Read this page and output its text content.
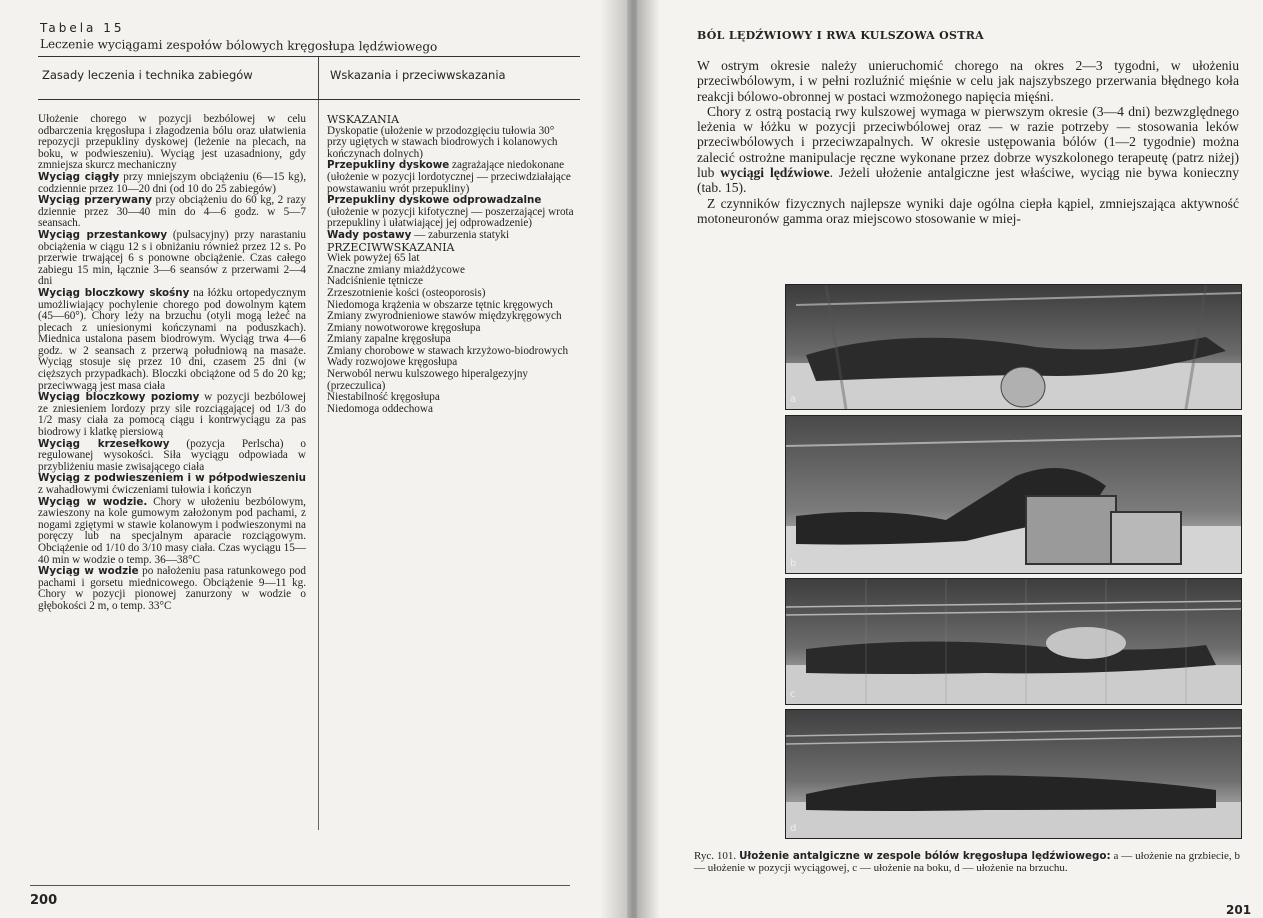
Tabela 15
Leczenie wyciągami zespołów bólowych kręgosłupa lędźwiowego
Zasady leczenia i technika zabiegów	Wskazania i przeciwwskazania

Ułożenie chorego w pozycji bezbólowej w celu odbarczenia kręgosłupa i złagodzenia bólu oraz ułatwienia repozycji przepukliny dyskowej (leżenie na plecach, na boku, w podwieszeniu). Wyciąg jest uzasadniony, gdy zmniejsza skurcz mechaniczny

Wyciąg ciągły przy mniejszym obciążeniu (6—15 kg), codziennie przez 10—20 dni (od 10 do 25 zabiegów)

Wyciąg przerywany przy obciążeniu do 60 kg, 2 razy dziennie przez 30—40 min do 4—6 godz. w 5—7 seansach.

Wyciąg przestankowy (pulsacyjny) przy narastaniu obciążenia w ciągu 12 s i obniżaniu również przez 12 s. Po przerwie trwającej 6 s ponowne obciążenie. Czas całego zabiegu 15 min, łącznie 3—6 seansów z przerwami 2—4 dni

Wyciąg bloczkowy skośny na łóżku ortopedycznym umożliwiający pochylenie chorego pod dowolnym kątem (45—60°). Chory leży na brzuchu (otyli mogą leżeć na plecach z uniesionymi kończynami na poduszkach). Miednica ustalona pasem biodrowym. Wyciąg trwa 4—6 godz. w 2 seansach z przerwą południową na masaże. Wyciąg stosuje się przez 10 dni, czasem 25 dni (w cięższych przypadkach). Bloczki obciążone od 5 do 20 kg; przeciwwagą jest masa ciała

Wyciąg bloczkowy poziomy w pozycji bezbólowej ze zniesieniem lordozy przy sile rozciągającej od 1/3 do 1/2 masy ciała za pomocą ciągu i kontrwyciągu za pas biodrowy i klatkę piersiową

Wyciąg krzesełkowy (pozycja Perlscha) o regulowanej wysokości. Siła wyciągu odpowiada w przybliżeniu masie zwisającego ciała

Wyciąg z podwieszeniem i w półpodwieszeniu z wahadłowymi ćwiczeniami tułowia i kończyn

Wyciąg w wodzie. Chory w ułożeniu bezbólowym, zawieszony na kole gumowym założonym pod pachami, z nogami zgiętymi w stawie kolanowym i podwieszonymi na poręczy lub na specjalnym aparacie rozciągowym. Obciążenie od 1/10 do 3/10 masy ciała. Czas wyciągu 15—40 min w wodzie o temp. 36—38°C

Wyciąg w wodzie po nałożeniu pasa ratunkowego pod pachami i gorsetu miednicowego. Obciążenie 9—11 kg. Chory w pozycji pionowej zanurzony w wodzie o głębokości 2 m, o temp. 33°C

WSKAZANIA

Dyskopatie (ułożenie w przodozgięciu tułowia 30° przy ugiętych w stawach biodrowych i kolanowych kończynach dolnych)

Przepukliny dyskowe zagrażające niedokonane (ułożenie w pozycji lordotycznej — przeciwdziałające powstawaniu wrót przepukliny)

Przepukliny dyskowe odprowadzalne (ułożenie w pozycji kifotycznej — poszerzającej wrota przepukliny i ułatwiającej jej odprowadzenie)

Wady postawy — zaburzenia statyki

PRZECIWWSKAZANIA

Wiek powyżej 65 lat

Znaczne zmiany miażdżycowe

Nadciśnienie tętnicze

Zrzeszotnienie kości (osteoporosis)

Niedomoga krążenia w obszarze tętnic kręgowych

Zmiany zwyrodnieniowe stawów międzykręgowych

Zmiany nowotworowe kręgosłupa

Zmiany zapalne kręgosłupa

Zmiany chorobowe w stawach krzyżowo-biodrowych

Wady rozwojowe kręgosłupa

Nerwoból nerwu kulszowego hiperalgezyjny (przeczulica)

Niestabilność kręgosłupa

Niedomoga oddechowa

200
BÓL LĘDŹWIOWY I RWA KULSZOWA OSTRA

W ostrym okresie należy unieruchomić chorego na okres 2—3 tygodni, w ułożeniu przeciwbólowym, i w pełni rozluźnić mięśnie w celu jak najszybszego przerwania błędnego koła reakcji bólowo-obronnej w postaci wzmożonego napięcia mięśni.

Chory z ostrą postacią rwy kulszowej wymaga w pierwszym okresie (3—4 dni) bezwzględnego leżenia w łóżku w pozycji przeciwbólowej oraz — w razie potrzeby — stosowania leków przeciwbólowych i przeciwzapalnych. W okresie ustępowania bólów (1—2 tygodnie) można zalecić ostrożne manipulacje ręczne wykonane przez dobrze wyszkolonego terapeutę (patrz niżej) lub wyciągi lędźwiowe. Jeżeli ułożenie antalgiczne jest właściwe, wyciąg nie bywa konieczny (tab. 15).

Z czynników fizycznych najlepsze wyniki daje ogólna ciepła kąpiel, zmniejszająca aktywność motoneuronów gamma oraz miejscowo stosowanie w miej-

a
b
c
d
Ryc. 101. Ułożenie antalgiczne w zespole bólów kręgosłupa lędźwiowego: a — ułożenie na grzbiecie, b — ułożenie w pozycji wyciągowej, c — ułożenie na boku, d — ułożenie na brzuchu.
201
